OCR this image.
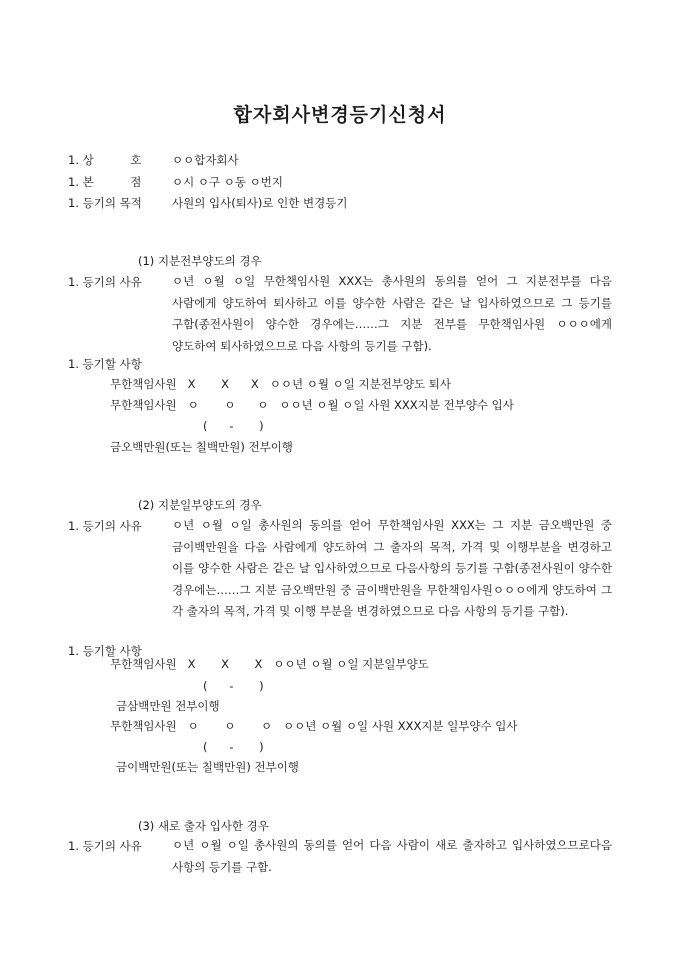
합자회사변경등기신청서
1. 상          호	ㅇㅇ합자회사
1. 본          점	ㅇ시 ㅇ구 ㅇ동 ㅇ번지
1. 등기의 목적	사원의 입사(퇴사)로 인한 변경등기
(1) 지분전부양도의 경우
1. 등기의 사유	ㅇ년 ㅇ월 ㅇ일 무한책임사원 XXX는 총사원의 동의를 얻어 그 지분전부를 다음 사람에게 양도하여 퇴사하고 이를 양수한 사람은 같은 날 입사하였으므로 그 등기를 구함(종전사원이 양수한 경우에는……그 지분 전부를 무한책임사원 ㅇㅇㅇ에게 양도하여 퇴사하였으므로 다음 사항의 등기를 구함).
1. 등기할 사항
무한책임사원   X       X      X   ㅇㅇ년 ㅇ월 ㅇ일 지분전부양도 퇴사
무한책임사원   ㅇ       ㅇ      ㅇ   ㅇㅇ년 ㅇ월 ㅇ일 사원 XXX지분 전부양수 입사
(      -       )
금오백만원(또는 칠백만원) 전부이행
(2) 지분일부양도의 경우
1. 등기의 사유	ㅇ년 ㅇ월 ㅇ일 총사원의 동의를 얻어 무한책임사원 XXX는 그 지분 금오백만원 중 금이백만원을 다음 사람에게 양도하여 그 출자의 목적, 가격 및 이행부분을 변경하고 이를 양수한 사람은 같은 날 입사하였으므로 다음사항의 등기를 구함(종전사원이 양수한 경우에는……그 지분 금오백만원 중 금이백만원을 무한책임사원ㅇㅇㅇ에게 양도하여 그 각 출자의 목적, 가격 및 이행 부분을 변경하였으므로 다음 사항의 등기를 구함).
1. 등기할 사항
무한책임사원   X       X       X   ㅇㅇ년 ㅇ월 ㅇ일 지분일부양도
(      -       )
금삼백만원 전부이행
무한책임사원   ㅇ       ㅇ       ㅇ   ㅇㅇ년 ㅇ월 ㅇ일 사원 XXX지분 일부양수 입사
(      -       )
금이백만원(또는 칠백만원) 전부이행
(3) 새로 출자 입사한 경우
1. 등기의 사유	ㅇ년 ㅇ월 ㅇ일 총사원의 동의를 얻어 다음 사람이 새로 출자하고 입사하였으므로다음 사항의 등기를 구함.
